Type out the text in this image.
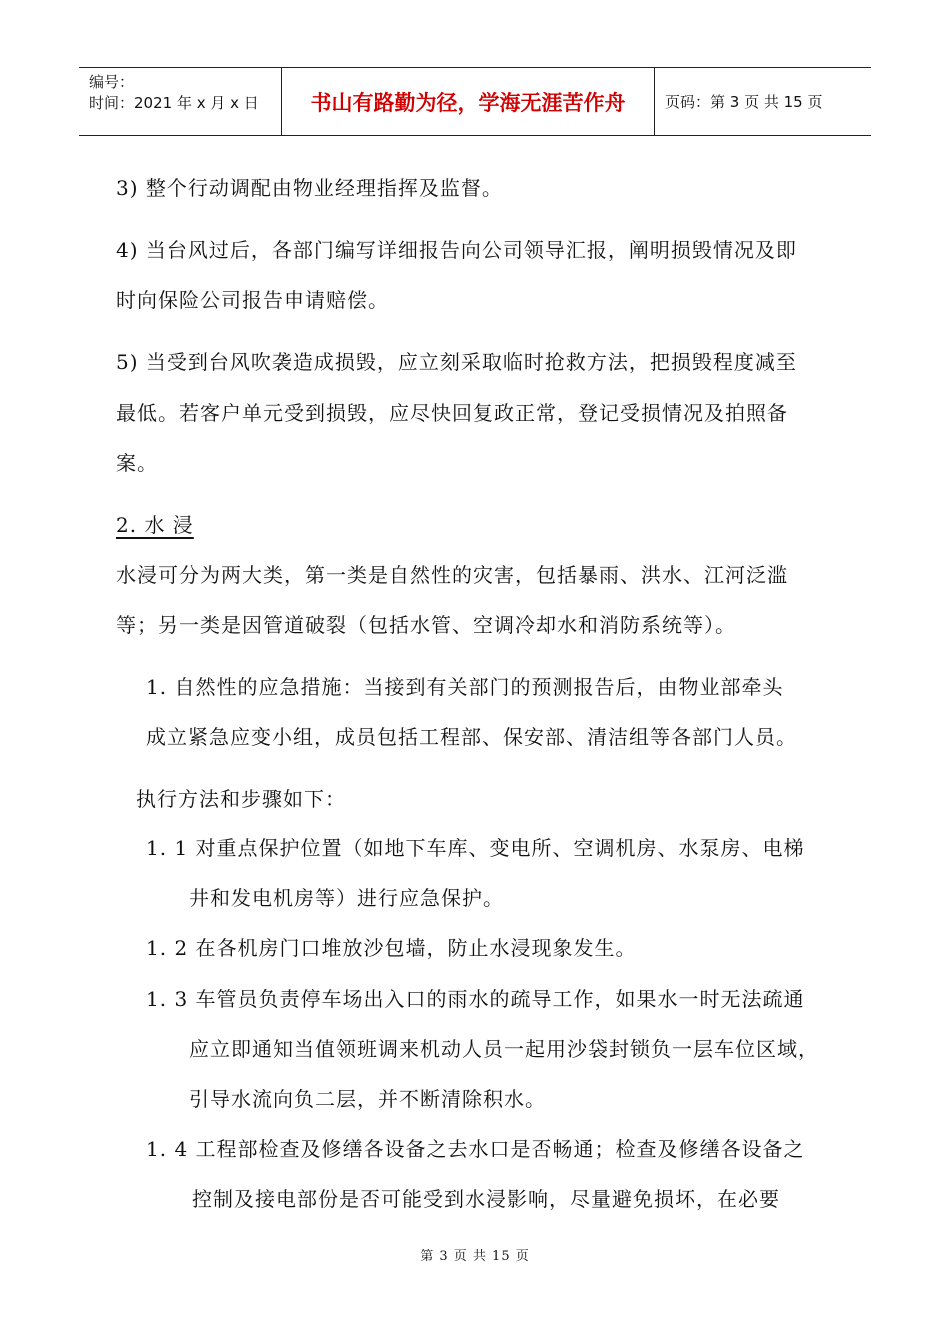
编号：
时间：2021 年 x 月 x 日	书山有路勤为径，学海无涯苦作舟	页码：第 3 页 共 15 页
3) 整个行动调配由物业经理指挥及监督。
4) 当台风过后，各部门编写详细报告向公司领导汇报，阐明损毁情况及即
时向保险公司报告申请赔偿。
5) 当受到台风吹袭造成损毁，应立刻采取临时抢救方法，把损毁程度减至
最低。若客户单元受到损毁，应尽快回复政正常，登记受损情况及拍照备
案。
2. 水 浸
水浸可分为两大类，第一类是自然性的灾害，包括暴雨、洪水、江河泛滥
等；另一类是因管道破裂（包括水管、空调冷却水和消防系统等）。
1. 自然性的应急措施：当接到有关部门的预测报告后，由物业部牵头
成立紧急应变小组，成员包括工程部、保安部、清洁组等各部门人员。
执行方法和步骤如下：
1. 1 对重点保护位置（如地下车库、变电所、空调机房、水泵房、电梯
井和发电机房等）进行应急保护。
1. 2 在各机房门口堆放沙包墙，防止水浸现象发生。
1. 3 车管员负责停车场出入口的雨水的疏导工作，如果水一时无法疏通
应立即通知当值领班调来机动人员一起用沙袋封锁负一层车位区域，
引导水流向负二层，并不断清除积水。
1. 4 工程部检查及修缮各设备之去水口是否畅通；检查及修缮各设备之
控制及接电部份是否可能受到水浸影响，尽量避免损坏，在必要
第 3 页 共 15 页
